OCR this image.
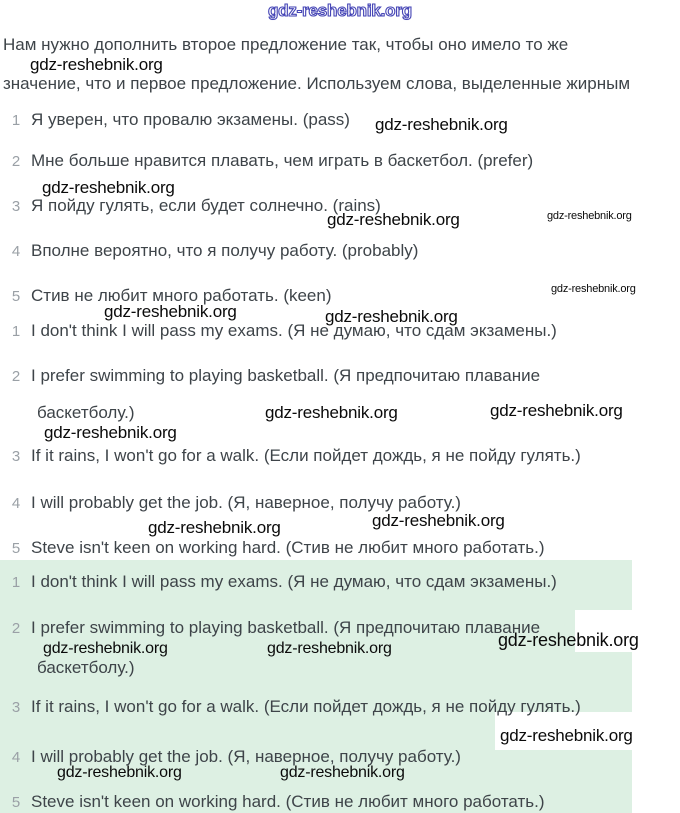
gdz-reshebnik.org
Нам нужно дополнить второе предложение так, чтобы оно имело то же
gdz-reshebnik.org
значение, что и первое предложение. Используем слова, выделенные жирным
1 Я уверен, что провалю экзамены. (pass)
2 Мне больше нравится плавать, чем играть в баскетбол. (prefer)
3 Я пойду гулять, если будет солнечно. (rains)
4 Вполне вероятно, что я получу работу. (probably)
5 Стив не любит много работать. (keen)
gdz-reshebnik.org
gdz-reshebnik.org
gdz-reshebnik.org	gdz-reshebnik.org
gdz-reshebnik.org
gdz-reshebnik.org	gdz-reshebnik.org
1 I don't think I will pass my exams. (Я не думаю, что сдам экзамены.)
2 I prefer swimming to playing basketball. (Я предпочитаю плавание
баскетболу.)
3 If it rains, I won't go for a walk. (Если пойдет дождь, я не пойду гулять.)
4 I will probably get the job. (Я, наверное, получу работу.)
5 Steve isn't keen on working hard. (Стив не любит много работать.)
gdz-reshebnik.org	gdz-reshebnik.org
gdz-reshebnik.org
gdz-reshebnik.org
gdz-reshebnik.org
1 I don't think I will pass my exams. (Я не думаю, что сдам экзамены.)
2 I prefer swimming to playing basketball. (Я предпочитаю плавание
баскетболу.)
3 If it rains, I won't go for a walk. (Если пойдет дождь, я не пойду гулять.)
4 I will probably get the job. (Я, наверное, получу работу.)
5 Steve isn't keen on working hard. (Стив не любит много работать.)
gdz-reshebnik.org	gdz-reshebnik.org	gdz-reshebnik.org
gdz-reshebnik.org
gdz-reshebnik.org	gdz-reshebnik.org
